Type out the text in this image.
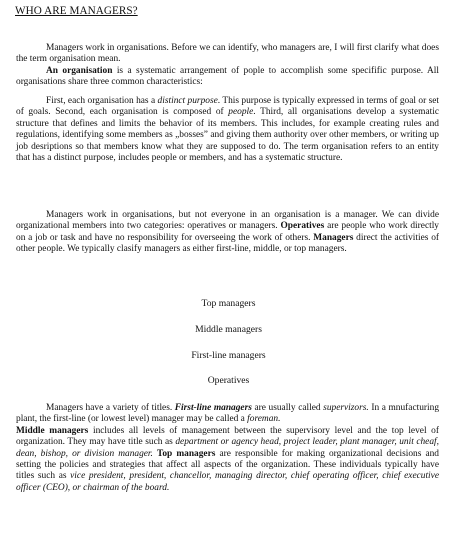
WHO ARE MANAGERS?

Managers work in organisations. Before we can identify, who managers are, I will first clarify what does the term organisation mean.

An organisation is a systematic arrangement of pople to accomplish some specifific purpose. All organisations share three common characteristics:

First, each organisation has a distinct purpose. This purpose is typically expressed in terms of goal or set of goals. Second, each organisation is composed of people. Third, all organisations develop a systematic structure that defines and limits the behavior of its members. This includes, for example creating rules and regulations, identifying some members as „bosses” and giving them authority over other members, or writing up job desriptions so that members know what they are supposed to do. The term organisation refers to an entity that has a distinct purpose, includes people or members, and has a systematic structure.

Managers work in organisations, but not everyone in an organisation is a manager. We can divide organizational members into two categories: operatives or managers. Operatives are people who work directly on a job or task and have no responsibility for overseeing the work of others. Managers direct the activities of other people. We typically clasify managers as either first-line, middle, or top managers.

Top managers
Middle managers
First-line managers
Operatives

Managers have a variety of titles. First-line managers are usually called supervizors. In a mnufacturing plant, the first-line (or lowest level) manager may be called a foreman.
Middle managers includes all levels of management between the supervisory level and the top level of organization. They may have title such as department or agency head, project leader, plant manager, unit cheaf, dean, bishop, or division manager. Top managers are responsible for making organizational decisions and setting the policies and strategies that affect all aspects of the organization. These individuals typically have titles such as vice president, president, chancellor, managing director, chief operating officer, chief executive officer (CEO), or chairman of the board.
